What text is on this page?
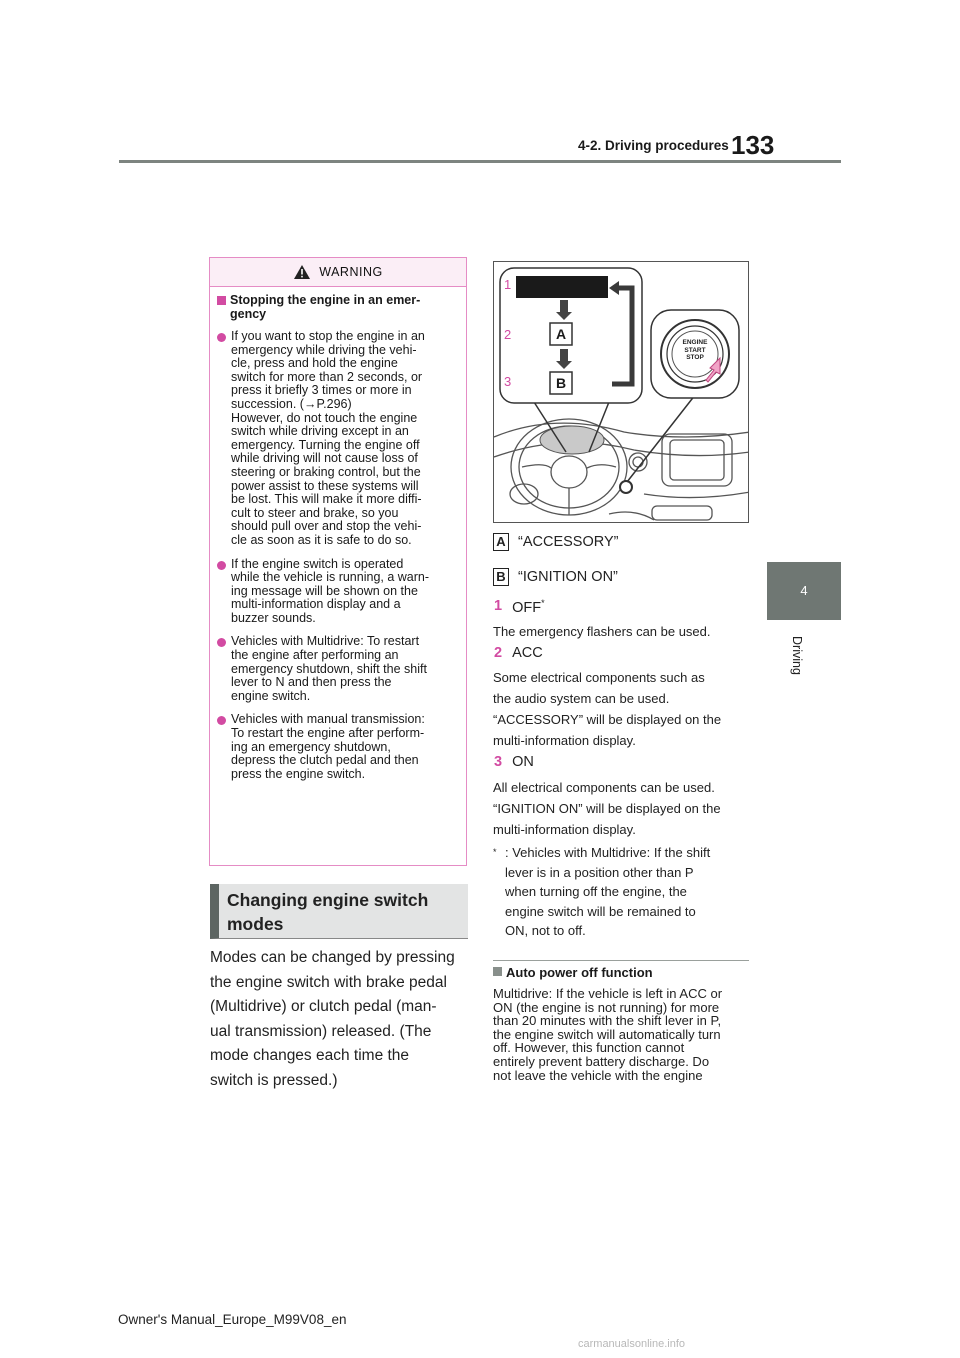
4-2. Driving procedures 133
4
Driving
WARNING
Stopping the engine in an emer-
gency
If you want to stop the engine in an
emergency while driving the vehi-
cle, press and hold the engine
switch for more than 2 seconds, or
press it briefly 3 times or more in
succession. (→P.296)
However, do not touch the engine
switch while driving except in an
emergency. Turning the engine off
while driving will not cause loss of
steering or braking control, but the
power assist to these systems will
be lost. This will make it more diffi-
cult to steer and brake, so you
should pull over and stop the vehi-
cle as soon as it is safe to do so.
If the engine switch is operated
while the vehicle is running, a warn-
ing message will be shown on the
multi-information display and a
buzzer sounds.
Vehicles with Multidrive: To restart
the engine after performing an
emergency shutdown, shift the shift
lever to N and then press the
engine switch.
Vehicles with manual transmission:
To restart the engine after perform-
ing an emergency shutdown,
depress the clutch pedal and then
press the engine switch.
Changing engine switch
modes
Modes can be changed by pressing
the engine switch with brake pedal
(Multidrive) or clutch pedal (man-
ual transmission) released. (The
mode changes each time the
switch is pressed.)
1
2
3
A
B
ENGINE
START
STOP
A “ACCESSORY”
B “IGNITION ON”
1 OFF*
The emergency flashers can be used.
2 ACC
Some electrical components such as
the audio system can be used.
“ACCESSORY” will be displayed on the
multi-information display.
3 ON
All electrical components can be used.
“IGNITION ON” will be displayed on the
multi-information display.
* : Vehicles with Multidrive: If the shift
lever is in a position other than P
when turning off the engine, the
engine switch will be remained to
ON, not to off.
Auto power off function
Multidrive: If the vehicle is left in ACC or
ON (the engine is not running) for more
than 20 minutes with the shift lever in P,
the engine switch will automatically turn
off. However, this function cannot
entirely prevent battery discharge. Do
not leave the vehicle with the engine
Owner's Manual_Europe_M99V08_en
carmanualsonline.info
